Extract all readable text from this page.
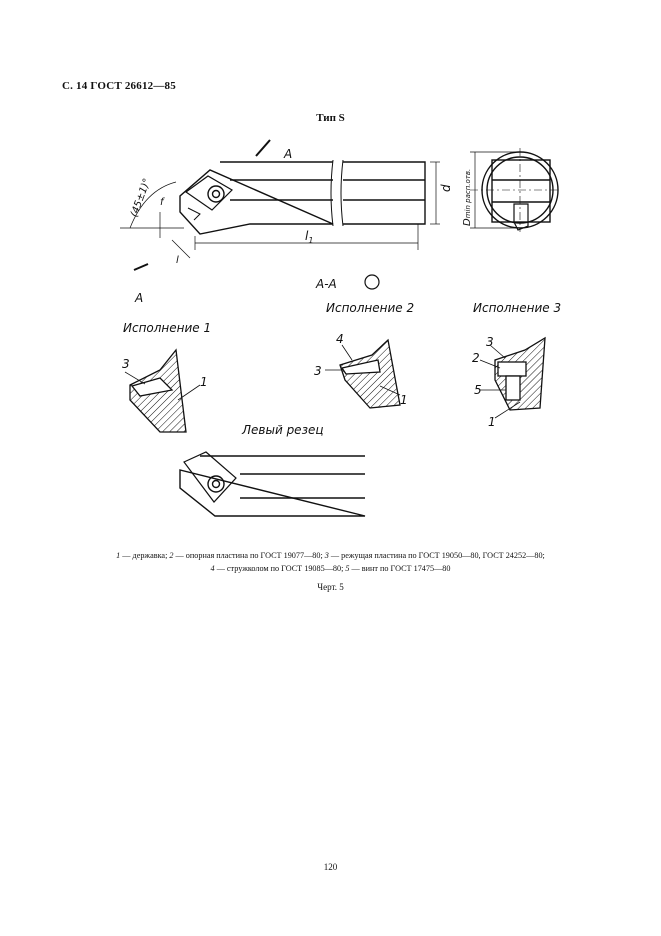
С. 14 ГОСТ 26612—85
Тип S
A
A
A-A
(45±1)° f
l
$l_1$
d
Dmin расп.отв.
Исполнение 1
Исполнение 2	Исполнение 3
Левый резец
3
1
4
3
1
3
2
5
1
1 — державка; 2 — опорная пластина по ГОСТ 19077—80; 3 — режущая пластина по ГОСТ 19050—80, ГОСТ 24252—80;
4 — стружколом по ГОСТ 19085—80; 5 — винт по ГОСТ 17475—80
Черт. 5
120
